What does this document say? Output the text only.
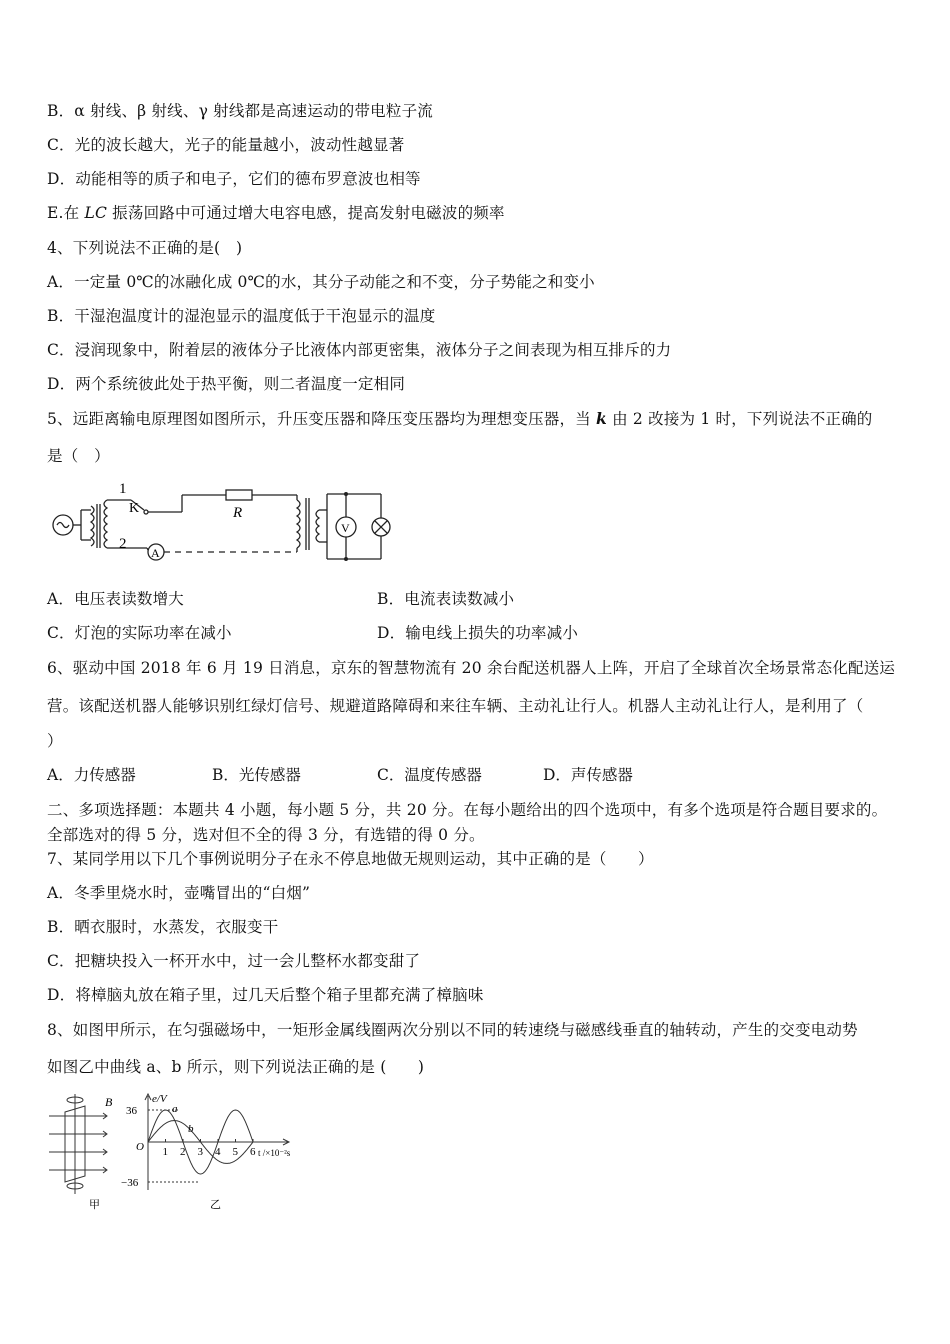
B．α 射线、β 射线、γ 射线都是高速运动的带电粒子流
C．光的波长越大，光子的能量越小，波动性越显著
D．动能相等的质子和电子，它们的德布罗意波也相等
E.在 LC 振荡回路中可通过增大电容电感，提高发射电磁波的频率
4、下列说法不正确的是(　)
A．一定量 0℃的冰融化成 0℃的水，其分子动能之和不变，分子势能之和变小
B．干湿泡温度计的湿泡显示的温度低于干泡显示的温度
C．浸润现象中，附着层的液体分子比液体内部更密集，液体分子之间表现为相互排斥的力
D．两个系统彼此处于热平衡，则二者温度一定相同
5、远距离输电原理图如图所示，升压变压器和降压变压器均为理想变压器，当 k 由 2 改接为 1 时，下列说法不正确的
是（　）
1
2
K	R
A
V
A．电压表读数增大	B．电流表读数减小
C．灯泡的实际功率在减小	D．输电线上损失的功率减小
6、驱动中国 2018 年 6 月 19 日消息，京东的智慧物流有 20 余台配送机器人上阵，开启了全球首次全场景常态化配送运
营。该配送机器人能够识别红绿灯信号、规避道路障碍和来往车辆、主动礼让行人。机器人主动礼让行人，是利用了（
）
A．力传感器	B．光传感器	C．温度传感器	D．声传感器
二、多项选择题：本题共 4 小题，每小题 5 分，共 20 分。在每小题给出的四个选项中，有多个选项是符合题目要求的。
全部选对的得 5 分，选对但不全的得 3 分，有选错的得 0 分。
7、某同学用以下几个事例说明分子在永不停息地做无规则运动，其中正确的是（　　）
A．冬季里烧水时，壶嘴冒出的“白烟”
B．晒衣服时，水蒸发，衣服变干
C．把糖块投入一杯开水中，过一会儿整杯水都变甜了
D．将樟脑丸放在箱子里，过几天后整个箱子里都充满了樟脑味
8、如图甲所示，在匀强磁场中，一矩形金属线圈两次分别以不同的转速绕与磁感线垂直的轴转动，产生的交变电动势
如图乙中曲线 a、b 所示，则下列说法正确的是 (　　)
B
甲
1 2 3 4 5 6
36
−36
O
e/V
a
b
t /×10⁻²s
乙
